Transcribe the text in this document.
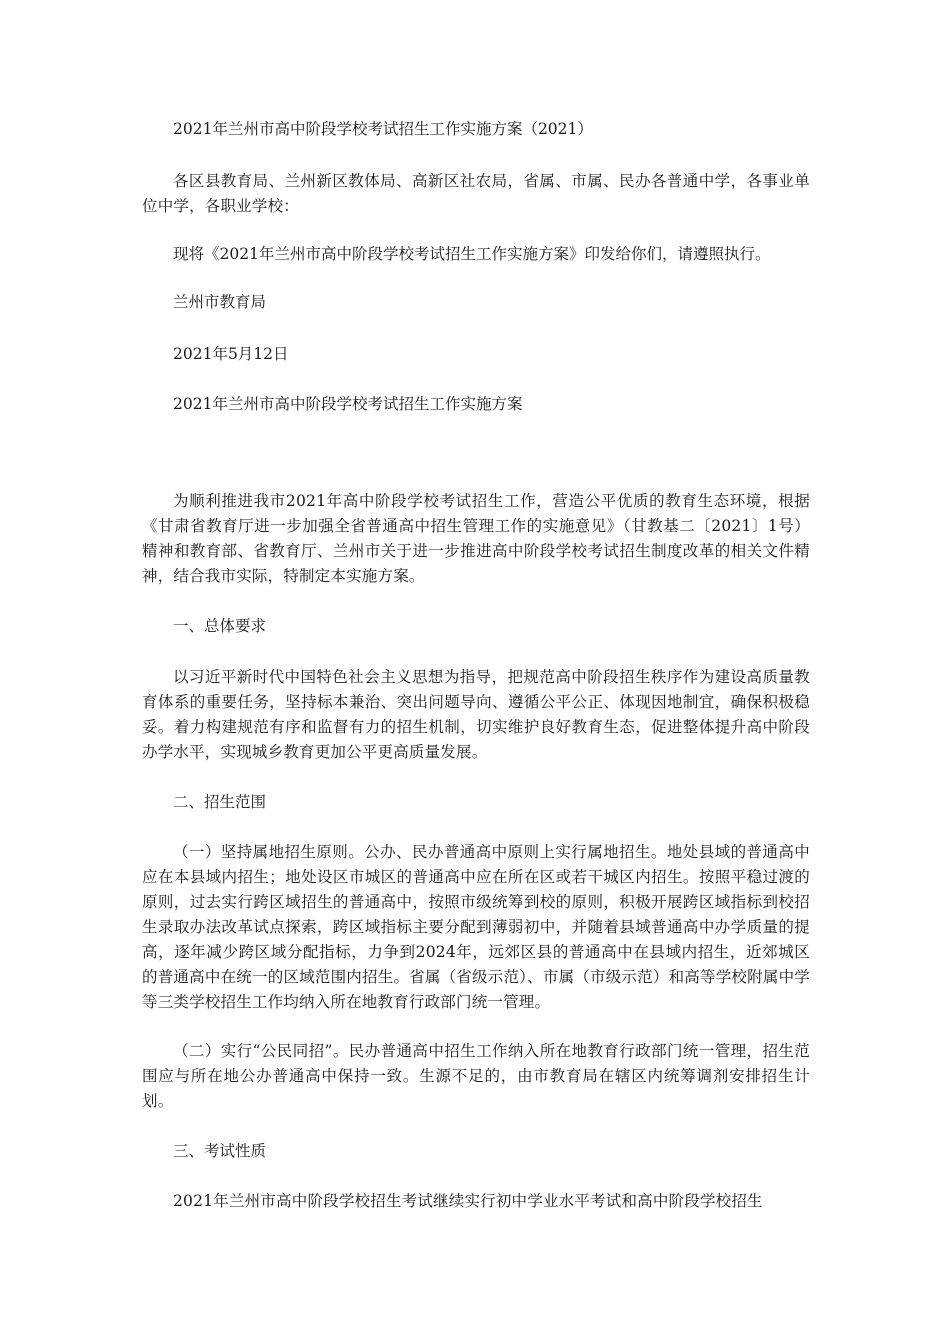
2021年兰州市高中阶段学校考试招生工作实施方案（2021）
各区县教育局、兰州新区教体局、高新区社农局，省属、市属、民办各普通中学，各事业单位中学，各职业学校：
现将《2021年兰州市高中阶段学校考试招生工作实施方案》印发给你们，请遵照执行。
兰州市教育局
2021年5月12日
2021年兰州市高中阶段学校考试招生工作实施方案
为顺利推进我市2021年高中阶段学校考试招生工作，营造公平优质的教育生态环境，根据《甘肃省教育厅进一步加强全省普通高中招生管理工作的实施意见》（甘教基二〔2021〕1号）精神和教育部、省教育厅、兰州市关于进一步推进高中阶段学校考试招生制度改革的相关文件精神，结合我市实际，特制定本实施方案。
一、总体要求
以习近平新时代中国特色社会主义思想为指导，把规范高中阶段招生秩序作为建设高质量教育体系的重要任务，坚持标本兼治、突出问题导向、遵循公平公正、体现因地制宜，确保积极稳妥。着力构建规范有序和监督有力的招生机制，切实维护良好教育生态，促进整体提升高中阶段办学水平，实现城乡教育更加公平更高质量发展。
二、招生范围
（一）坚持属地招生原则。公办、民办普通高中原则上实行属地招生。地处县域的普通高中应在本县域内招生；地处设区市城区的普通高中应在所在区或若干城区内招生。按照平稳过渡的原则，过去实行跨区域招生的普通高中，按照市级统筹到校的原则，积极开展跨区域指标到校招生录取办法改革试点探索，跨区域指标主要分配到薄弱初中，并随着县域普通高中办学质量的提高，逐年减少跨区域分配指标，力争到2024年，远郊区县的普通高中在县域内招生，近郊城区的普通高中在统一的区域范围内招生。省属（省级示范）、市属（市级示范）和高等学校附属中学等三类学校招生工作均纳入所在地教育行政部门统一管理。
（二）实行“公民同招”。民办普通高中招生工作纳入所在地教育行政部门统一管理，招生范围应与所在地公办普通高中保持一致。生源不足的，由市教育局在辖区内统筹调剂安排招生计划。
三、考试性质
2021年兰州市高中阶段学校招生考试继续实行初中学业水平考试和高中阶段学校招生
